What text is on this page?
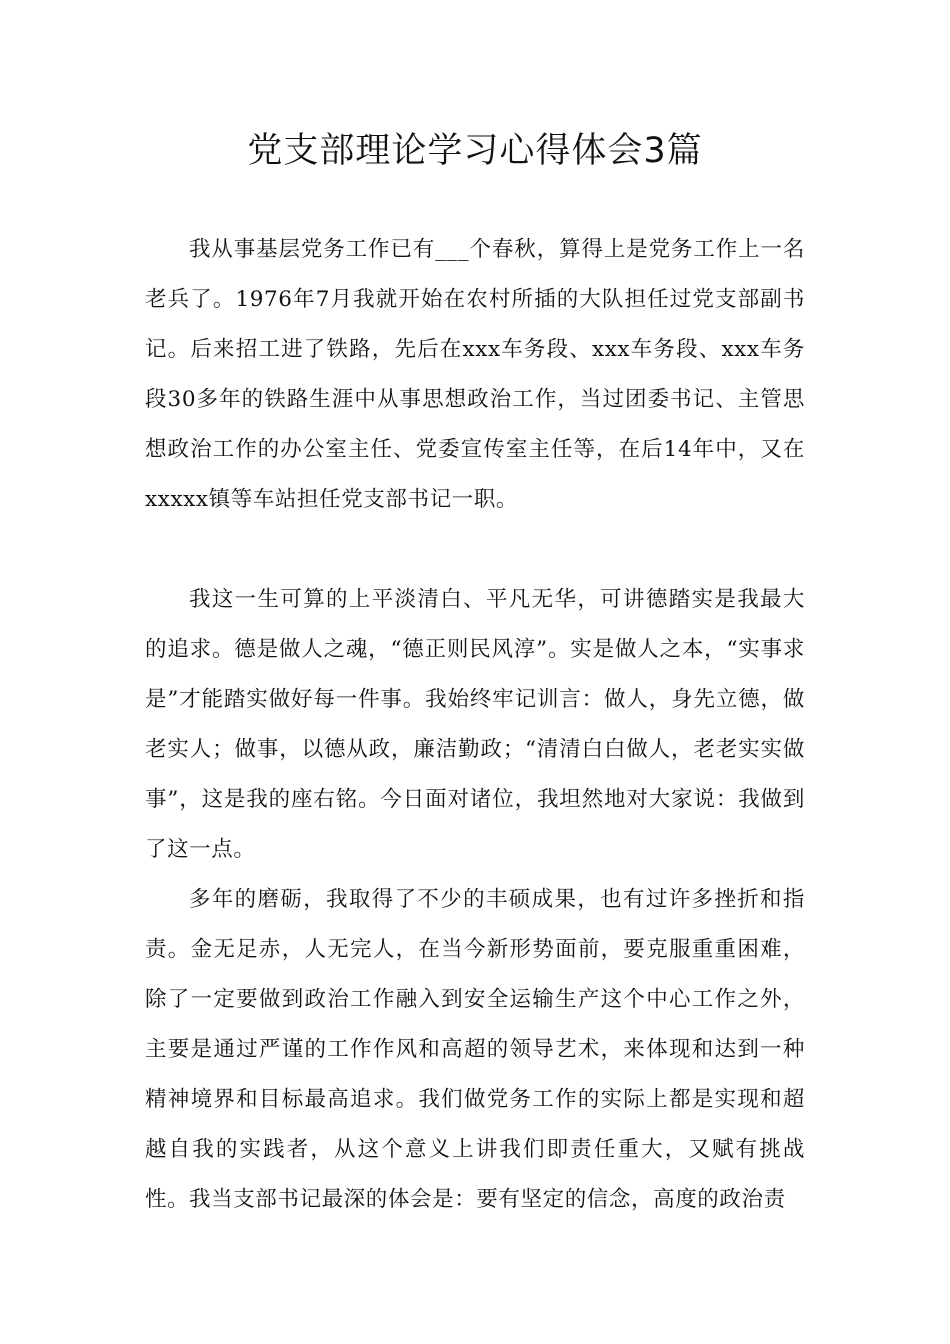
党支部理论学习心得体会3篇

我从事基层党务工作已有___个春秋，算得上是党务工作上一名老兵了。1976年7月我就开始在农村所插的大队担任过党支部副书记。后来招工进了铁路，先后在xxx车务段、xxx车务段、xxx车务段30多年的铁路生涯中从事思想政治工作，当过团委书记、主管思想政治工作的办公室主任、党委宣传室主任等，在后14年中，又在xxxxx镇等车站担任党支部书记一职。

我这一生可算的上平淡清白、平凡无华，可讲德踏实是我最大的追求。德是做人之魂，“德正则民风淳”。实是做人之本，“实事求是”才能踏实做好每一件事。我始终牢记训言：做人，身先立德，做老实人；做事，以德从政，廉洁勤政；“清清白白做人，老老实实做事”，这是我的座右铭。今日面对诸位，我坦然地对大家说：我做到了这一点。

多年的磨砺，我取得了不少的丰硕成果，也有过许多挫折和指责。金无足赤，人无完人，在当今新形势面前，要克服重重困难，除了一定要做到政治工作融入到安全运输生产这个中心工作之外，主要是通过严谨的工作作风和高超的领导艺术，来体现和达到一种精神境界和目标最高追求。我们做党务工作的实际上都是实现和超越自我的实践者，从这个意义上讲我们即责任重大，又赋有挑战性。 我当支部书记最深的体会是：要有坚定的信念，高度的政治责
